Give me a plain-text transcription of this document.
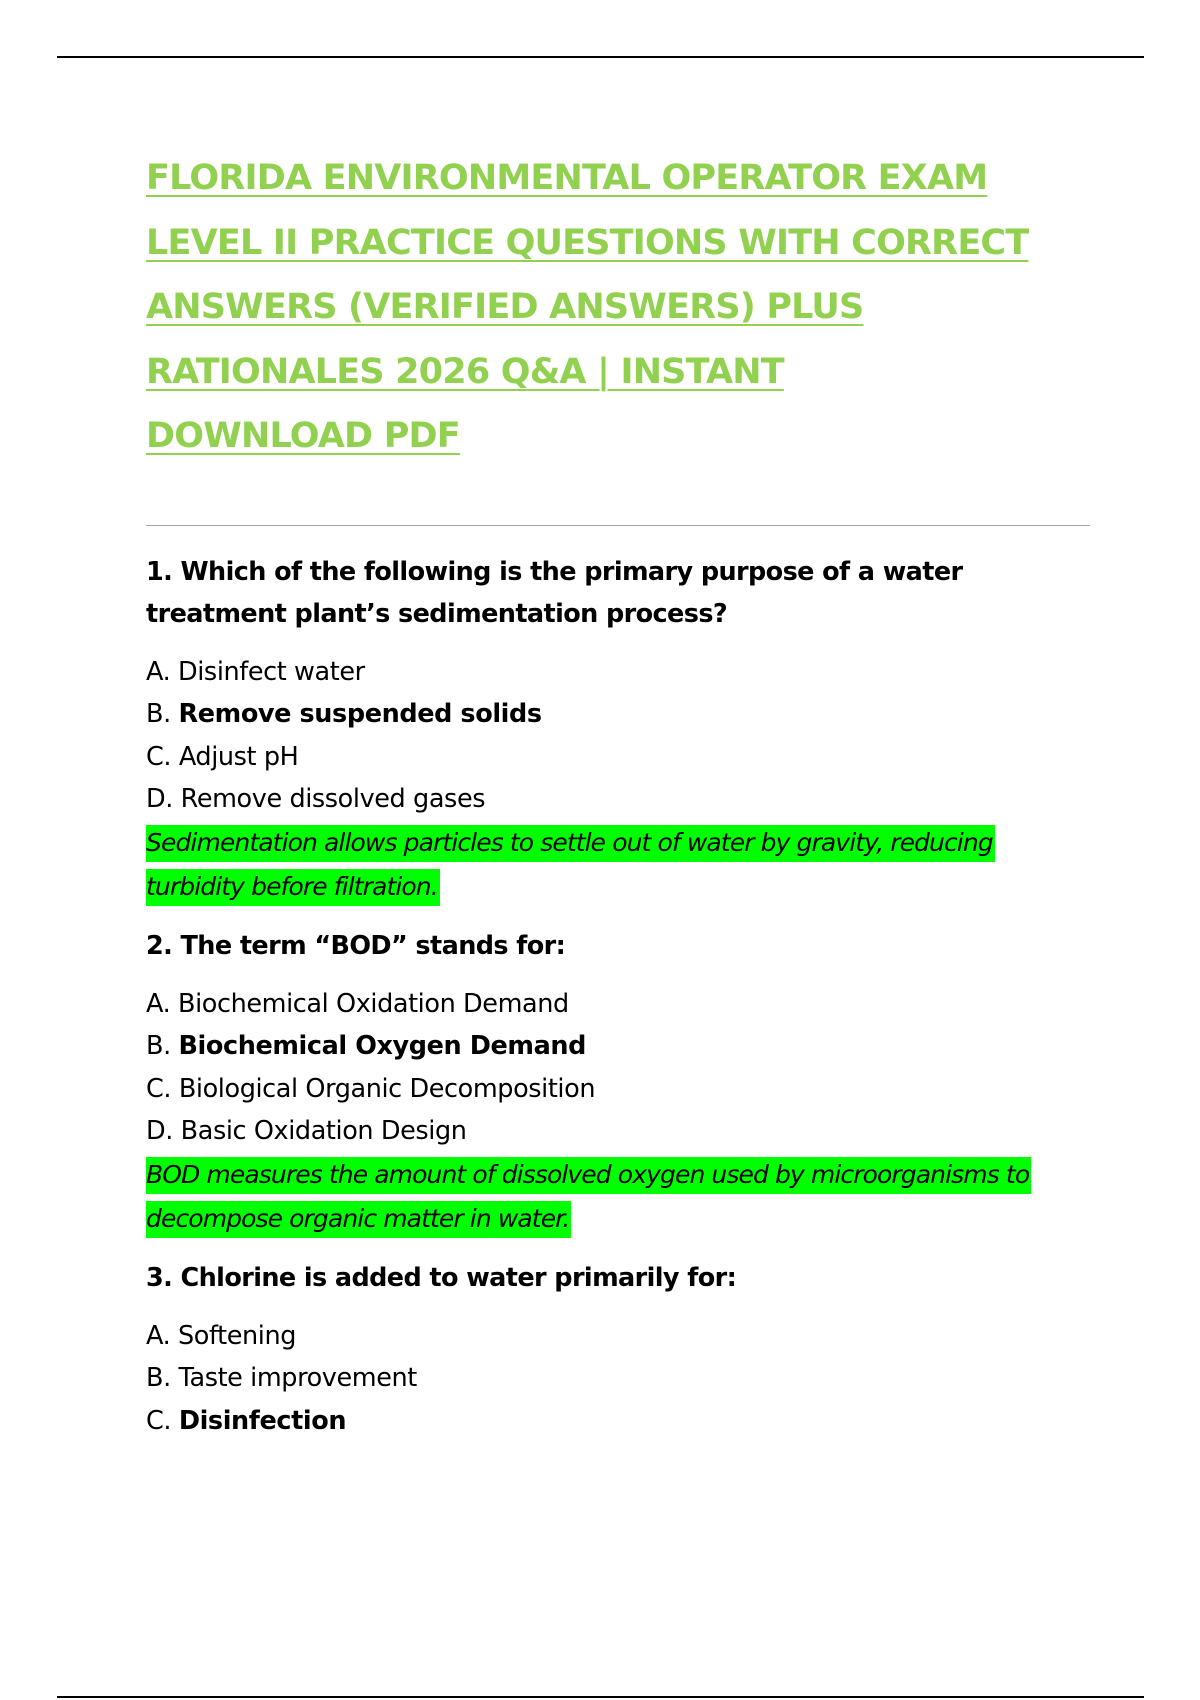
FLORIDA ENVIRONMENTAL OPERATOR EXAM
LEVEL II PRACTICE QUESTIONS WITH CORRECT
ANSWERS (VERIFIED ANSWERS) PLUS
RATIONALES 2026 Q&A | INSTANT
DOWNLOAD PDF

1. Which of the following is the primary purpose of a water treatment plant’s sedimentation process?

A. Disinfect water
B. Remove suspended solids
C. Adjust pH
D. Remove dissolved gases

Sedimentation allows particles to settle out of water by gravity, reducing turbidity before filtration.

2. The term “BOD” stands for:

A. Biochemical Oxidation Demand
B. Biochemical Oxygen Demand
C. Biological Organic Decomposition
D. Basic Oxidation Design

BOD measures the amount of dissolved oxygen used by microorganisms to decompose organic matter in water.

3. Chlorine is added to water primarily for:

A. Softening
B. Taste improvement
C. Disinfection
